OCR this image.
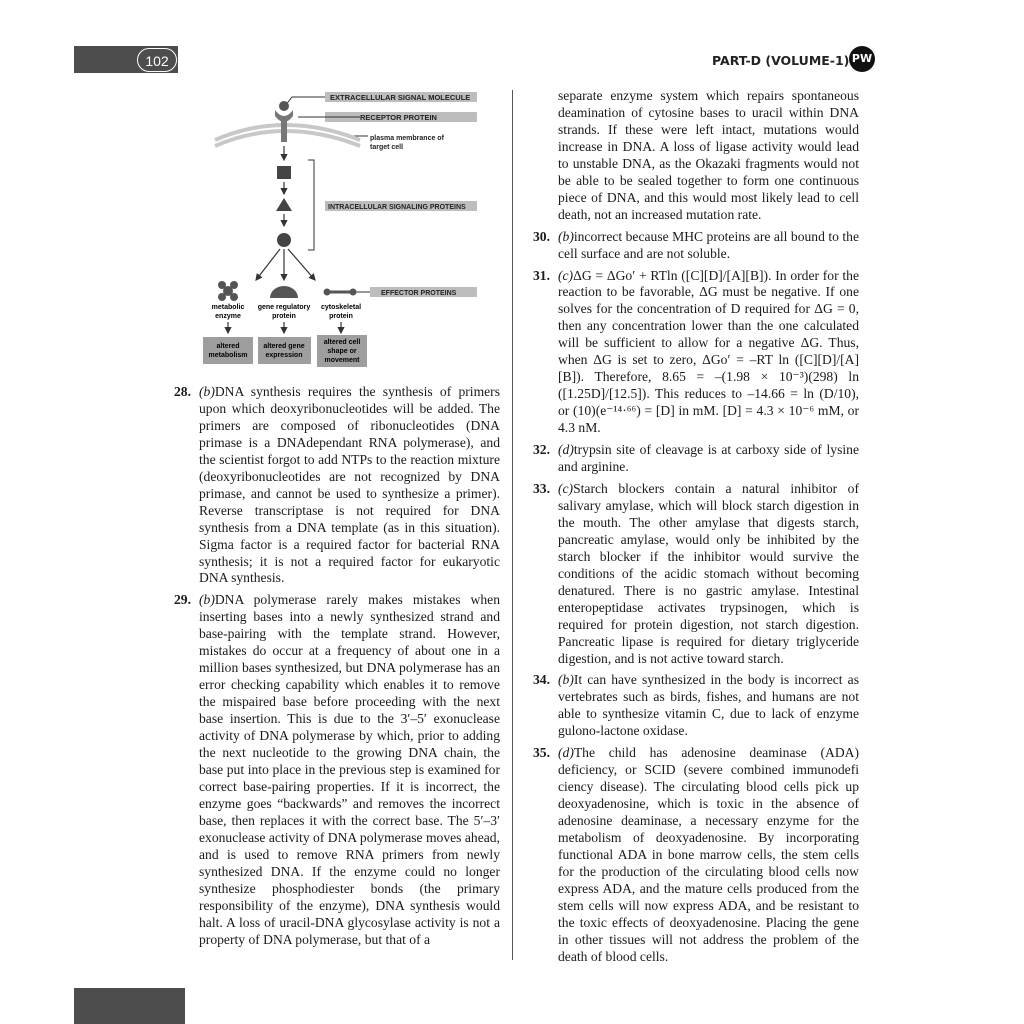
102	PART-D (VOLUME-1) PW
EXTRACELLULAR SIGNAL MOLECULE
RECEPTOR PROTEIN
plasma membrance of
target cell
INTRACELLULAR SIGNALING PROTEINS
EFFECTOR PROTEINS
metabolic
enzyme
gene regulatory
protein
cytoskeletal
protein
altered
metabolism
altered gene
expression
altered cell
shape or
movement
28. (b)DNA synthesis requires the synthesis of primers upon which deoxyribonucleotides will be added. The primers are composed of ribonucleotides (DNA primase is a DNAdependant RNA polymerase), and the scientist forgot to add NTPs to the reaction mixture (deoxyribonucleotides are not recognized by DNA primase, and cannot be used to synthesize a primer). Reverse transcriptase is not required for DNA synthesis from a DNA template (as in this situation). Sigma factor is a required factor for bacterial RNA synthesis; it is not a required factor for eukaryotic DNA synthesis.
29. (b)DNA polymerase rarely makes mistakes when inserting bases into a newly synthesized strand and base-pairing with the template strand. However, mistakes do occur at a frequency of about one in a million bases synthesized, but DNA polymerase has an error checking capability which enables it to remove the mispaired base before proceeding with the next base insertion. This is due to the 3′–5′ exonuclease activity of DNA polymerase by which, prior to adding the next nucleotide to the growing DNA chain, the base put into place in the previous step is examined for correct base-pairing properties. If it is incorrect, the enzyme goes “backwards” and removes the incorrect base, then replaces it with the correct base. The 5′–3′ exonuclease activity of DNA polymerase moves ahead, and is used to remove RNA primers from newly synthesized DNA. If the enzyme could no longer synthesize phosphodiester bonds (the primary responsibility of the enzyme), DNA synthesis would halt. A loss of uracil-DNA glycosylase activity is not a property of DNA polymerase, but that of a
separate enzyme system which repairs spontaneous deamination of cytosine bases to uracil within DNA strands. If these were left intact, mutations would increase in DNA. A loss of ligase activity would lead to unstable DNA, as the Okazaki fragments would not be able to be sealed together to form one continuous piece of DNA, and this would most likely lead to cell death, not an increased mutation rate.
30. (b)incorrect because MHC proteins are all bound to the cell surface and are not soluble.
31. (c)ΔG = ΔGo′ + RTln ([C][D]/[A][B]). In order for the reaction to be favorable, ΔG must be negative. If one solves for the concentration of D required for ΔG = 0, then any concentration lower than the one calculated will be sufficient to allow for a negative ΔG. Thus, when ΔG is set to zero, ΔGo′ = –RT ln ([C][D]/[A][B]). Therefore, 8.65 = –(1.98 × 10⁻³)(298) ln ([1.25D]/[12.5]). This reduces to –14.66 = ln (D/10), or (10)(e⁻¹⁴·⁶⁶) = [D] in mM. [D] = 4.3 × 10⁻⁶ mM, or 4.3 nM.
32. (d)trypsin site of cleavage is at carboxy side of lysine and arginine.
33. (c)Starch blockers contain a natural inhibitor of salivary amylase, which will block starch digestion in the mouth. The other amylase that digests starch, pancreatic amylase, would only be inhibited by the starch blocker if the inhibitor would survive the conditions of the acidic stomach without becoming denatured. There is no gastric amylase. Intestinal enteropeptidase activates trypsinogen, which is required for protein digestion, not starch digestion. Pancreatic lipase is required for dietary triglyceride digestion, and is not active toward starch.
34. (b)It can have synthesized in the body is incorrect as vertebrates such as birds, fishes, and humans are not able to synthesize vitamin C, due to lack of enzyme gulono-lactone oxidase.
35. (d)The child has adenosine deaminase (ADA) deficiency, or SCID (severe combined immunodefi ciency disease). The circulating blood cells pick up deoxyadenosine, which is toxic in the absence of adenosine deaminase, a necessary enzyme for the metabolism of deoxyadenosine. By incorporating functional ADA in bone marrow cells, the stem cells for the production of the circulating blood cells now express ADA, and the mature cells produced from the stem cells will now express ADA, and be resistant to the toxic effects of deoxyadenosine. Placing the gene in other tissues will not address the problem of the death of blood cells.
